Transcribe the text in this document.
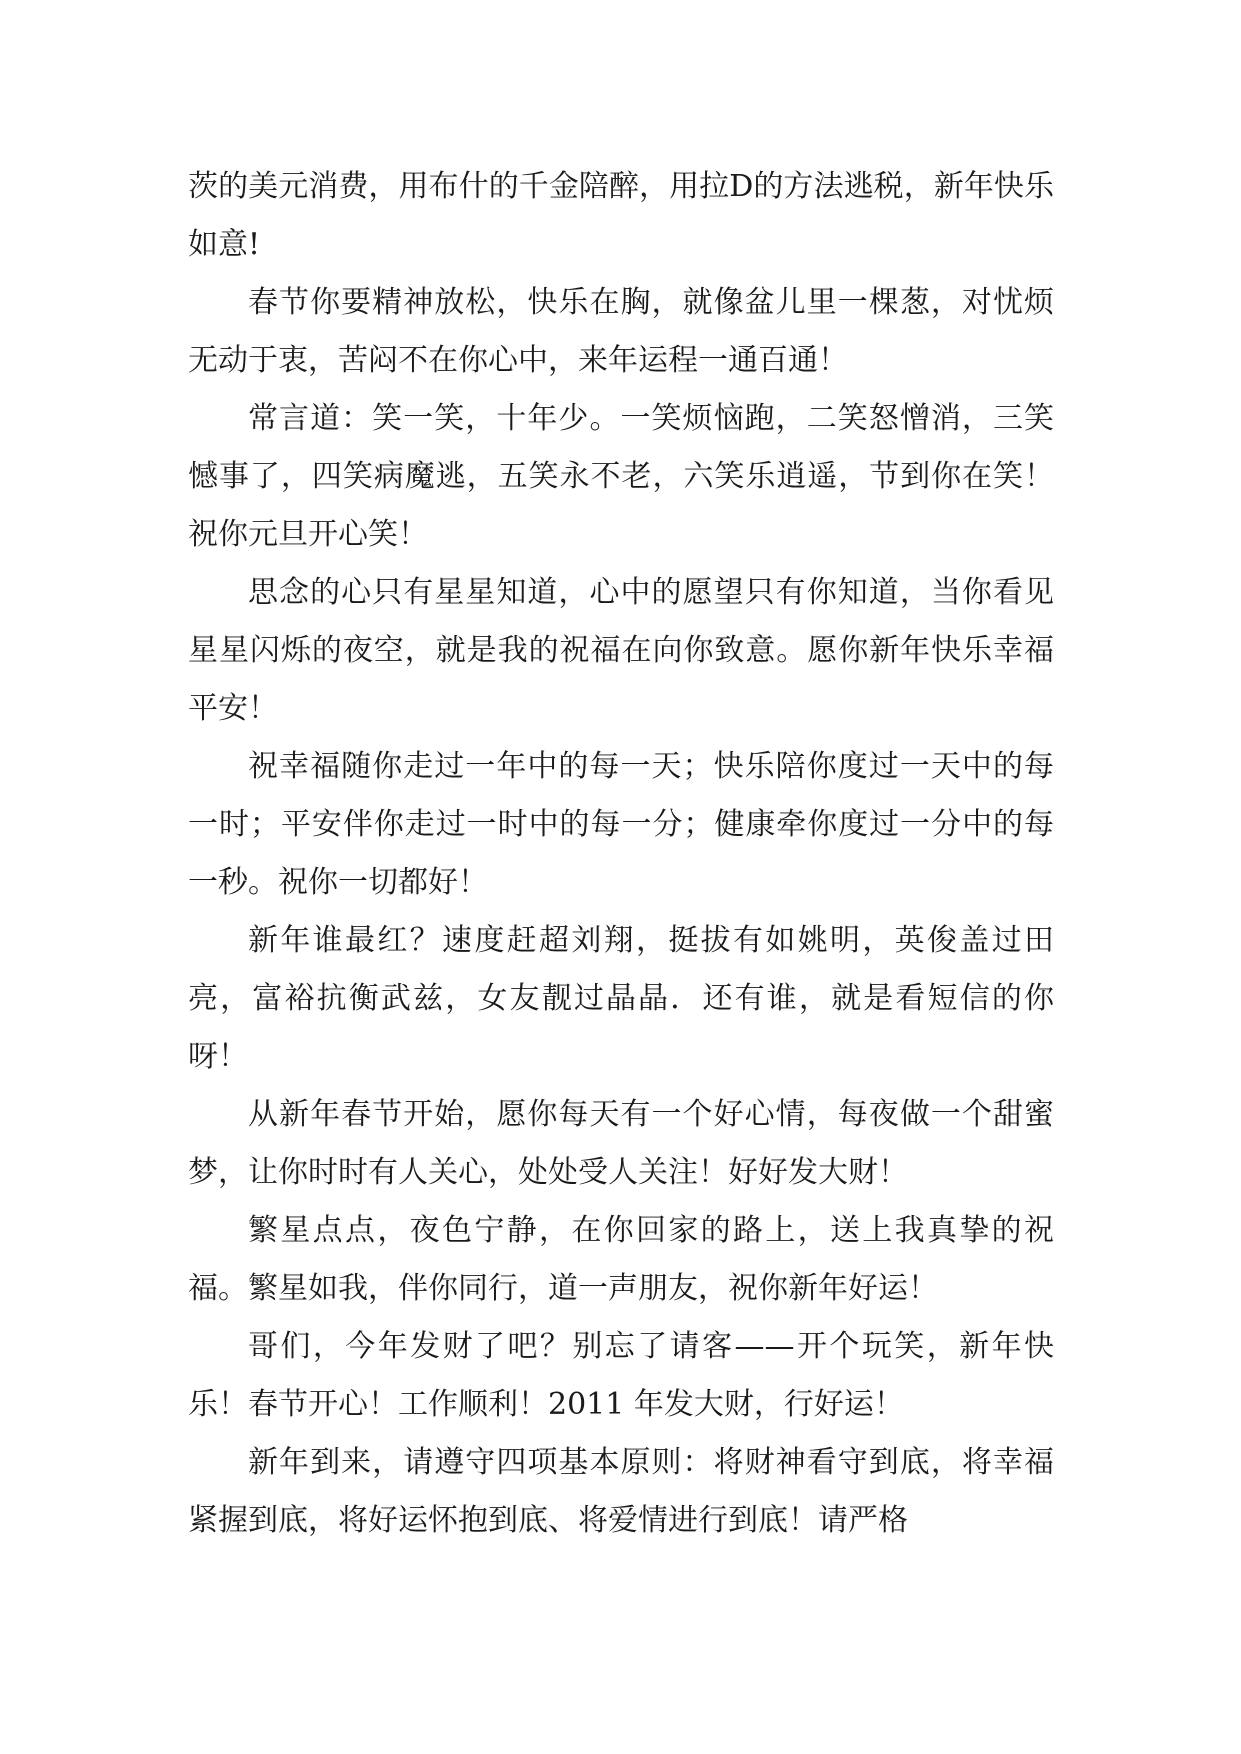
茨的美元消费，用布什的千金陪醉，用拉D的方法逃税，新年快乐如意!

春节你要精神放松，快乐在胸，就像盆儿里一棵葱，对忧烦无动于衷，苦闷不在你心中，来年运程一通百通！

常言道：笑一笑，十年少。一笑烦恼跑，二笑怒憎消，三笑憾事了，四笑病魔逃，五笑永不老，六笑乐逍遥，节到你在笑！祝你元旦开心笑！

思念的心只有星星知道，心中的愿望只有你知道，当你看见星星闪烁的夜空，就是我的祝福在向你致意。愿你新年快乐幸福平安！

祝幸福随你走过一年中的每一天；快乐陪你度过一天中的每一时；平安伴你走过一时中的每一分；健康牵你度过一分中的每一秒。祝你一切都好！

新年谁最红？速度赶超刘翔，挺拔有如姚明，英俊盖过田亮，富裕抗衡武兹，女友靓过晶晶．还有谁，就是看短信的你呀！

从新年春节开始，愿你每天有一个好心情，每夜做一个甜蜜梦，让你时时有人关心，处处受人关注！好好发大财！

繁星点点，夜色宁静，在你回家的路上，送上我真挚的祝福。繁星如我，伴你同行，道一声朋友，祝你新年好运！

哥们，今年发财了吧？别忘了请客——开个玩笑，新年快乐！春节开心！工作顺利！2011 年发大财，行好运！

新年到来，请遵守四项基本原则：将财神看守到底，将幸福紧握到底，将好运怀抱到底、将爱情进行到底！请严格
